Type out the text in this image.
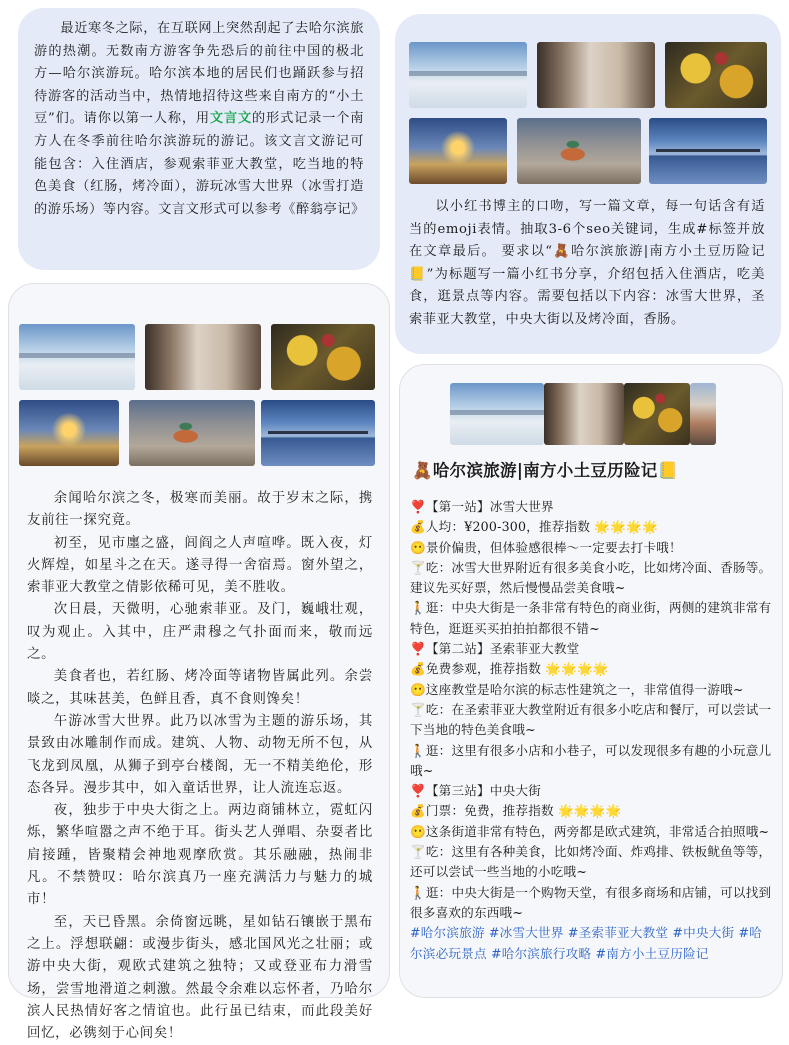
最近寒冬之际，在互联网上突然刮起了去哈尔滨旅游的热潮。无数南方游客争先恐后的前往中国的极北方—哈尔滨游玩。哈尔滨本地的居民们也踊跃参与招待游客的活动当中，热情地招待这些来自南方的“小土豆”们。请你以第一人称，用文言文的形式记录一个南方人在冬季前往哈尔滨游玩的游记。该文言文游记可能包含：入住酒店，参观索菲亚大教堂，吃当地的特色美食（红肠，烤冷面），游玩冰雪大世界（冰雪打造的游乐场）等内容。文言文形式可以参考《醉翁亭记》	以小红书博主的口吻，写一篇文章，每一句话含有适当的emoji表情。抽取3-6个seo关键词，生成#标签并放在文章最后。 要求以“🧸哈尔滨旅游|南方小土豆历险记📒”为标题写一篇小红书分享，介绍包括入住酒店，吃美食，逛景点等内容。需要包括以下内容：冰雪大世界，圣索菲亚大教堂，中央大街以及烤冷面，香肠。

余闻哈尔滨之冬，极寒而美丽。故于岁末之际，携友前往一探究竟。

初至，见市廛之盛，闾阎之人声喧哗。既入夜，灯火辉煌，如星斗之在天。遂寻得一舍宿焉。窗外望之，索菲亚大教堂之倩影依稀可见，美不胜收。

次日晨，天微明，心驰索菲亚。及门，巍峨壮观，叹为观止。入其中，庄严肃穆之气扑面而来，敬而远之。

美食者也，若红肠、烤冷面等诸物皆属此列。余尝啖之，其味甚美，色鲜且香，真不食则馋矣！

午游冰雪大世界。此乃以冰雪为主题的游乐场，其景致由冰雕制作而成。建筑、人物、动物无所不包，从飞龙到凤凰，从狮子到亭台楼阁，无一不精美绝伦，形态各异。漫步其中，如入童话世界，让人流连忘返。

夜，独步于中央大街之上。两边商铺林立，霓虹闪烁，繁华喧嚣之声不绝于耳。街头艺人弹唱、杂耍者比肩接踵，皆聚精会神地观摩欣赏。其乐融融，热闹非凡。不禁赞叹：哈尔滨真乃一座充满活力与魅力的城市！

至，天已昏黑。余倚窗远眺，星如钻石镶嵌于黑布之上。浮想联翩：或漫步街头，感北国风光之壮丽；或游中央大街，观欧式建筑之独特；又或登亚布力滑雪场，尝雪地滑道之刺激。然最令余难以忘怀者，乃哈尔滨人民热情好客之情谊也。此行虽已结束，而此段美好回忆，必镌刻于心间矣！

🧸哈尔滨旅游|南方小土豆历险记📒

❣️【第一站】冰雪大世界

💰人均：¥200-300，推荐指数 🌟🌟🌟🌟

😶景价偏贵，但体验感很棒～一定要去打卡哦！

🍸吃：冰雪大世界附近有很多美食小吃，比如烤冷面、香肠等。建议先买好票，然后慢慢品尝美食哦~

🚶逛：中央大街是一条非常有特色的商业街，两侧的建筑非常有特色，逛逛买买拍拍拍都很不错~

❣️【第二站】圣索菲亚大教堂

💰免费参观，推荐指数 🌟🌟🌟🌟

😶这座教堂是哈尔滨的标志性建筑之一，非常值得一游哦~

🍸吃：在圣索菲亚大教堂附近有很多小吃店和餐厅，可以尝试一下当地的特色美食哦~

🚶逛：这里有很多小店和小巷子，可以发现很多有趣的小玩意儿哦~

❣️【第三站】中央大街

💰门票：免费，推荐指数 🌟🌟🌟🌟

😶这条街道非常有特色，两旁都是欧式建筑，非常适合拍照哦~

🍸吃：这里有各种美食，比如烤冷面、炸鸡排、铁板鱿鱼等等，还可以尝试一些当地的小吃哦~

🚶逛：中央大街是一个购物天堂，有很多商场和店铺，可以找到很多喜欢的东西哦~

#哈尔滨旅游 #冰雪大世界 #圣索菲亚大教堂 #中央大街 #哈尔滨必玩景点 #哈尔滨旅行攻略 #南方小土豆历险记
